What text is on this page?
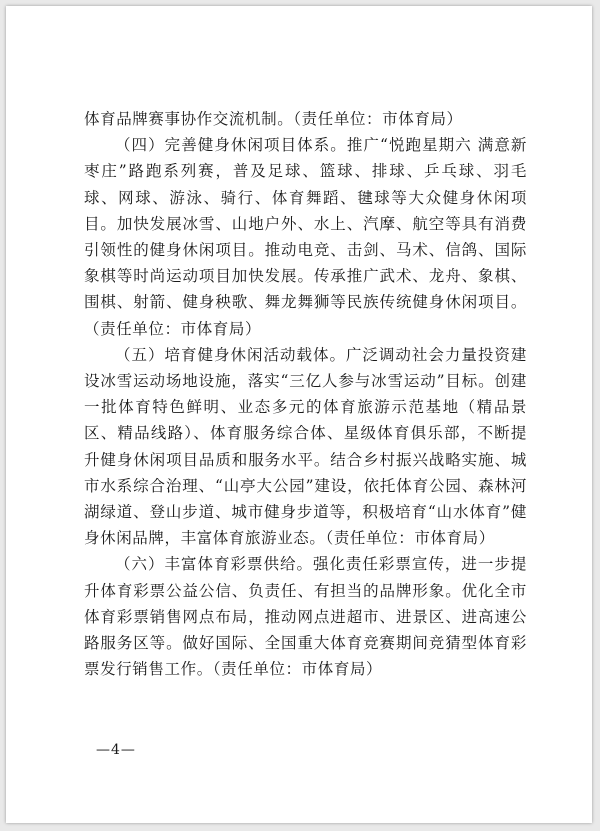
体育品牌赛事协作交流机制。（责任单位：市体育局）

（四）完善健身休闲项目体系。推广“悦跑星期六 满意新枣庄”路跑系列赛，普及足球、篮球、排球、乒乓球、羽毛球、网球、游泳、骑行、体育舞蹈、毽球等大众健身休闲项目。加快发展冰雪、山地户外、水上、汽摩、航空等具有消费引领性的健身休闲项目。推动电竞、击剑、马术、信鸽、国际象棋等时尚运动项目加快发展。传承推广武术、龙舟、象棋、围棋、射箭、健身秧歌、舞龙舞狮等民族传统健身休闲项目。（责任单位：市体育局）

（五）培育健身休闲活动载体。广泛调动社会力量投资建设冰雪运动场地设施，落实“三亿人参与冰雪运动”目标。创建一批体育特色鲜明、业态多元的体育旅游示范基地（精品景区、精品线路）、体育服务综合体、星级体育俱乐部，不断提升健身休闲项目品质和服务水平。结合乡村振兴战略实施、城市水系综合治理、“山亭大公园”建设，依托体育公园、森林河湖绿道、登山步道、城市健身步道等，积极培育“山水体育”健身休闲品牌，丰富体育旅游业态。（责任单位：市体育局）

（六）丰富体育彩票供给。强化责任彩票宣传，进一步提升体育彩票公益公信、负责任、有担当的品牌形象。优化全市体育彩票销售网点布局，推动网点进超市、进景区、进高速公路服务区等。做好国际、全国重大体育竞赛期间竞猜型体育彩票发行销售工作。（责任单位：市体育局）

—4—
